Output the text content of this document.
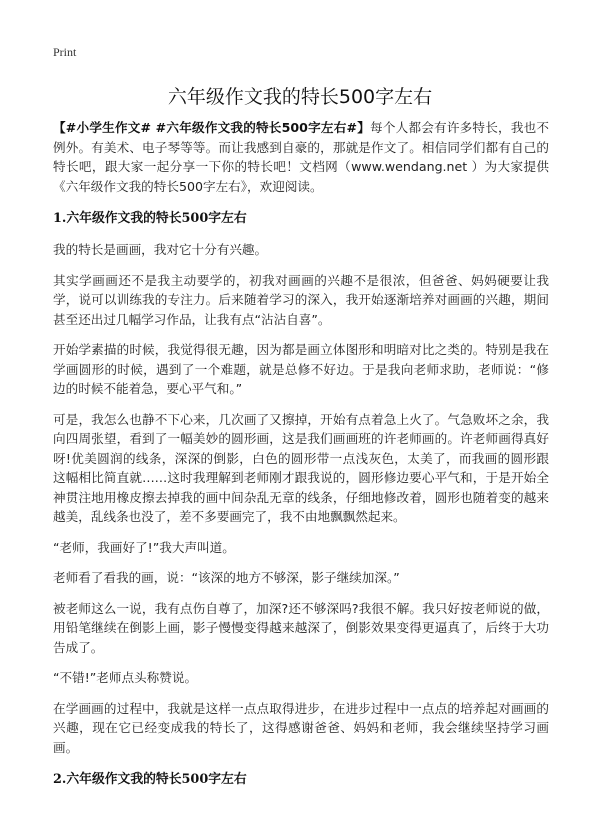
Print
六年级作文我的特长500字左右

【#小学生作文# #六年级作文我的特长500字左右#】每个人都会有许多特长，我也不例外。有美术、电子琴等等。而让我感到自豪的，那就是作文了。相信同学们都有自己的特长吧，跟大家一起分享一下你的特长吧！文档网（www.wendang.net ）为大家提供《六年级作文我的特长500字左右》，欢迎阅读。

1.六年级作文我的特长500字左右

我的特长是画画，我对它十分有兴趣。

其实学画画还不是我主动要学的，初我对画画的兴趣不是很浓，但爸爸、妈妈硬要让我学，说可以训练我的专注力。后来随着学习的深入，我开始逐渐培养对画画的兴趣，期间甚至还出过几幅学习作品，让我有点“沾沾自喜”。

开始学素描的时候，我觉得很无趣，因为都是画立体图形和明暗对比之类的。特别是我在学画圆形的时候，遇到了一个难题，就是总修不好边。于是我向老师求助，老师说：“修边的时候不能着急，要心平气和。”

可是，我怎么也静不下心来，几次画了又擦掉，开始有点着急上火了。气急败坏之余，我向四周张望，看到了一幅美妙的圆形画，这是我们画画班的许老师画的。许老师画得真好呀!优美圆润的线条，深深的倒影，白色的圆形带一点浅灰色，太美了，而我画的圆形跟这幅相比简直就……这时我理解到老师刚才跟我说的，圆形修边要心平气和，于是开始全神贯注地用橡皮擦去掉我的画中间杂乱无章的线条，仔细地修改着，圆形也随着变的越来越美，乱线条也没了，差不多要画完了，我不由地飘飘然起来。

“老师，我画好了!”我大声叫道。

老师看了看我的画，说：“该深的地方不够深，影子继续加深。”

被老师这么一说，我有点伤自尊了，加深?还不够深吗?我很不解。我只好按老师说的做，用铅笔继续在倒影上画，影子慢慢变得越来越深了，倒影效果变得更逼真了，后终于大功告成了。

“不错!”老师点头称赞说。

在学画画的过程中，我就是这样一点点取得进步，在进步过程中一点点的培养起对画画的兴趣，现在它已经变成我的特长了，这得感谢爸爸、妈妈和老师，我会继续坚持学习画画。

2.六年级作文我的特长500字左右
